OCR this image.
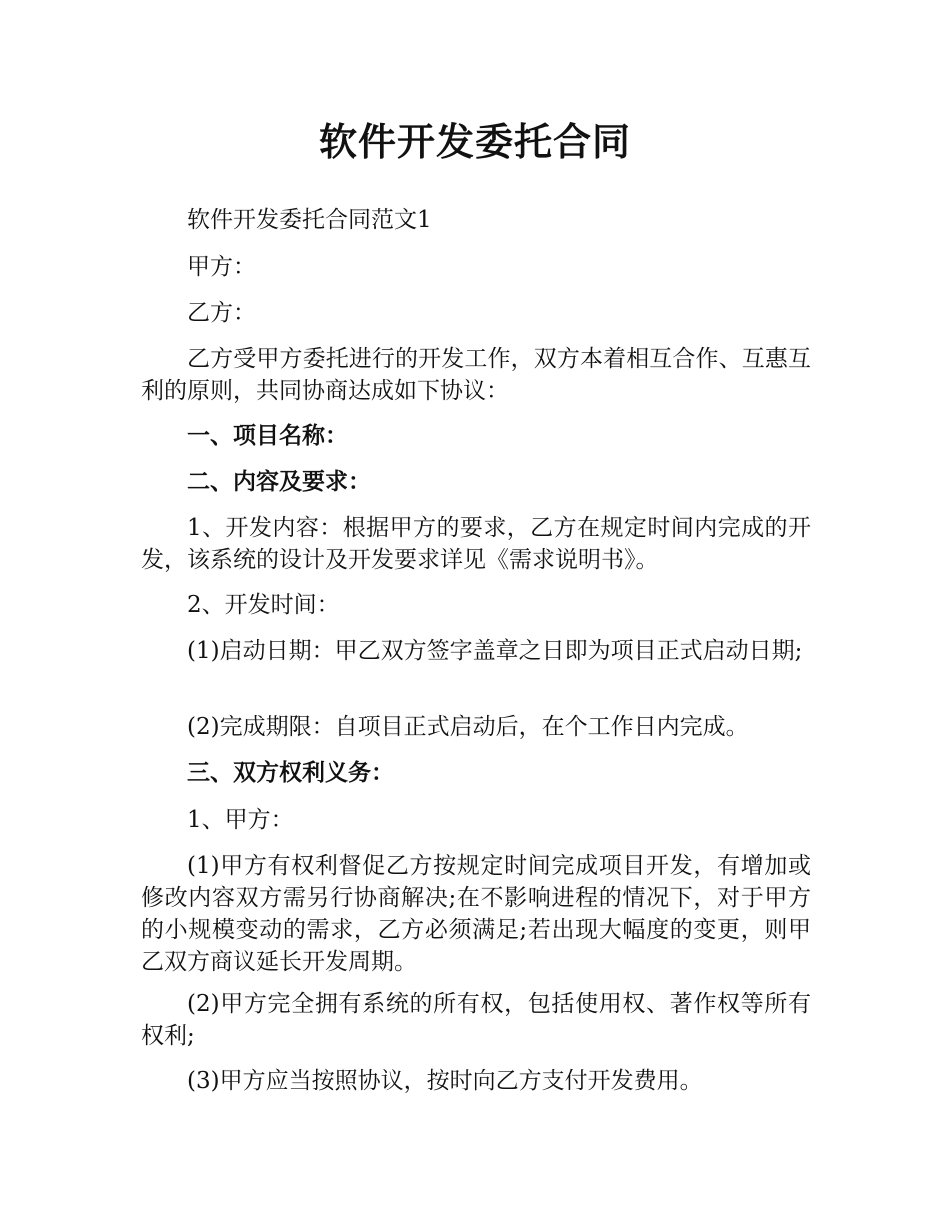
软件开发委托合同

软件开发委托合同范文1

甲方：

乙方：

乙方受甲方委托进行的开发工作，双方本着相互合作、互惠互利的原则，共同协商达成如下协议：

一、项目名称：

二、内容及要求：

1、开发内容：根据甲方的要求，乙方在规定时间内完成的开发，该系统的设计及开发要求详见《需求说明书》。

2、开发时间：

(1)启动日期：甲乙双方签字盖章之日即为项目正式启动日期;

(2)完成期限：自项目正式启动后，在个工作日内完成。

三、双方权利义务：

1、甲方：

(1)甲方有权利督促乙方按规定时间完成项目开发，有增加或修改内容双方需另行协商解决;在不影响进程的情况下，对于甲方的小规模变动的需求，乙方必须满足;若出现大幅度的变更，则甲乙双方商议延长开发周期。

(2)甲方完全拥有系统的所有权，包括使用权、著作权等所有权利;

(3)甲方应当按照协议，按时向乙方支付开发费用。
